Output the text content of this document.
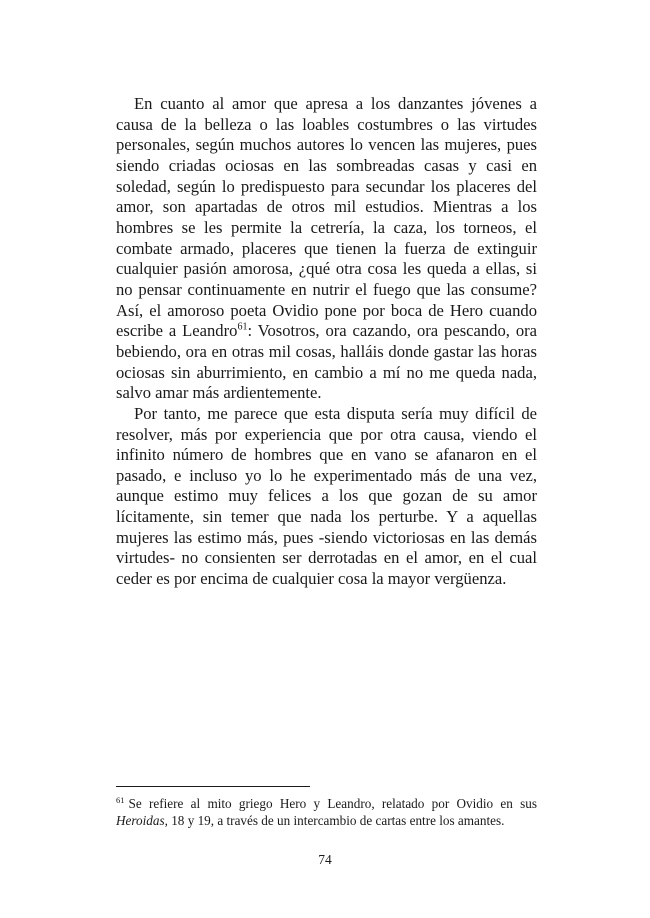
En cuanto al amor que apresa a los danzantes jóvenes a causa de la belleza o las loables costumbres o las virtudes personales, según muchos autores lo vencen las mujeres, pues siendo criadas ociosas en las sombreadas casas y casi en soledad, según lo predispuesto para secundar los placeres del amor, son apartadas de otros mil estudios. Mientras a los hombres se les permite la cetrería, la caza, los torneos, el combate armado, placeres que tienen la fuerza de extinguir cualquier pasión amorosa, ¿qué otra cosa les queda a ellas, si no pensar continuamente en nutrir el fuego que las consume? Así, el amoroso poeta Ovidio pone por boca de Hero cuando escribe a Leandro$^{61}$: Vosotros, ora cazando, ora pescando, ora bebiendo, ora en otras mil cosas, halláis donde gastar las horas ociosas sin aburrimiento, en cambio a mí no me queda nada, salvo amar más ardientemente.

Por tanto, me parece que esta disputa sería muy difícil de resolver, más por experiencia que por otra causa, viendo el infinito número de hombres que en vano se afanaron en el pasado, e incluso yo lo he experimentado más de una vez, aunque estimo muy felices a los que gozan de su amor lícitamente, sin temer que nada los perturbe. Y a aquellas mujeres las estimo más, pues -siendo victoriosas en las demás virtudes- no consienten ser derrotadas en el amor, en el cual ceder es por encima de cualquier cosa la mayor vergüenza.

$^{61}$ Se refiere al mito griego Hero y Leandro, relatado por Ovidio en sus Heroidas, 18 y 19, a través de un intercambio de cartas entre los amantes.

74
